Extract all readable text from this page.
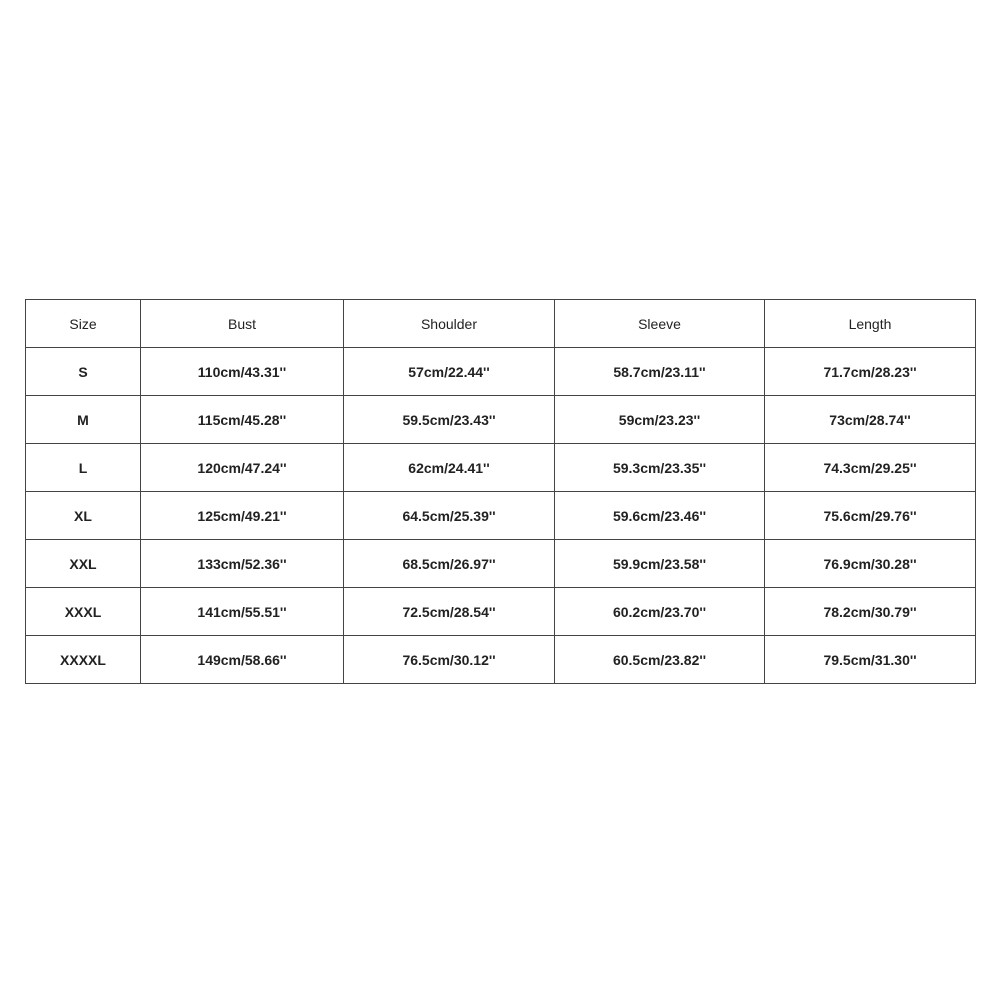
Size	Bust	Shoulder	Sleeve	Length
S	110cm/43.31''	57cm/22.44''	58.7cm/23.11''	71.7cm/28.23''
M	115cm/45.28''	59.5cm/23.43''	59cm/23.23''	73cm/28.74''
L	120cm/47.24''	62cm/24.41''	59.3cm/23.35''	74.3cm/29.25''
XL	125cm/49.21''	64.5cm/25.39''	59.6cm/23.46''	75.6cm/29.76''
XXL	133cm/52.36''	68.5cm/26.97''	59.9cm/23.58''	76.9cm/30.28''
XXXL	141cm/55.51''	72.5cm/28.54''	60.2cm/23.70''	78.2cm/30.79''
XXXXL	149cm/58.66''	76.5cm/30.12''	60.5cm/23.82''	79.5cm/31.30''
